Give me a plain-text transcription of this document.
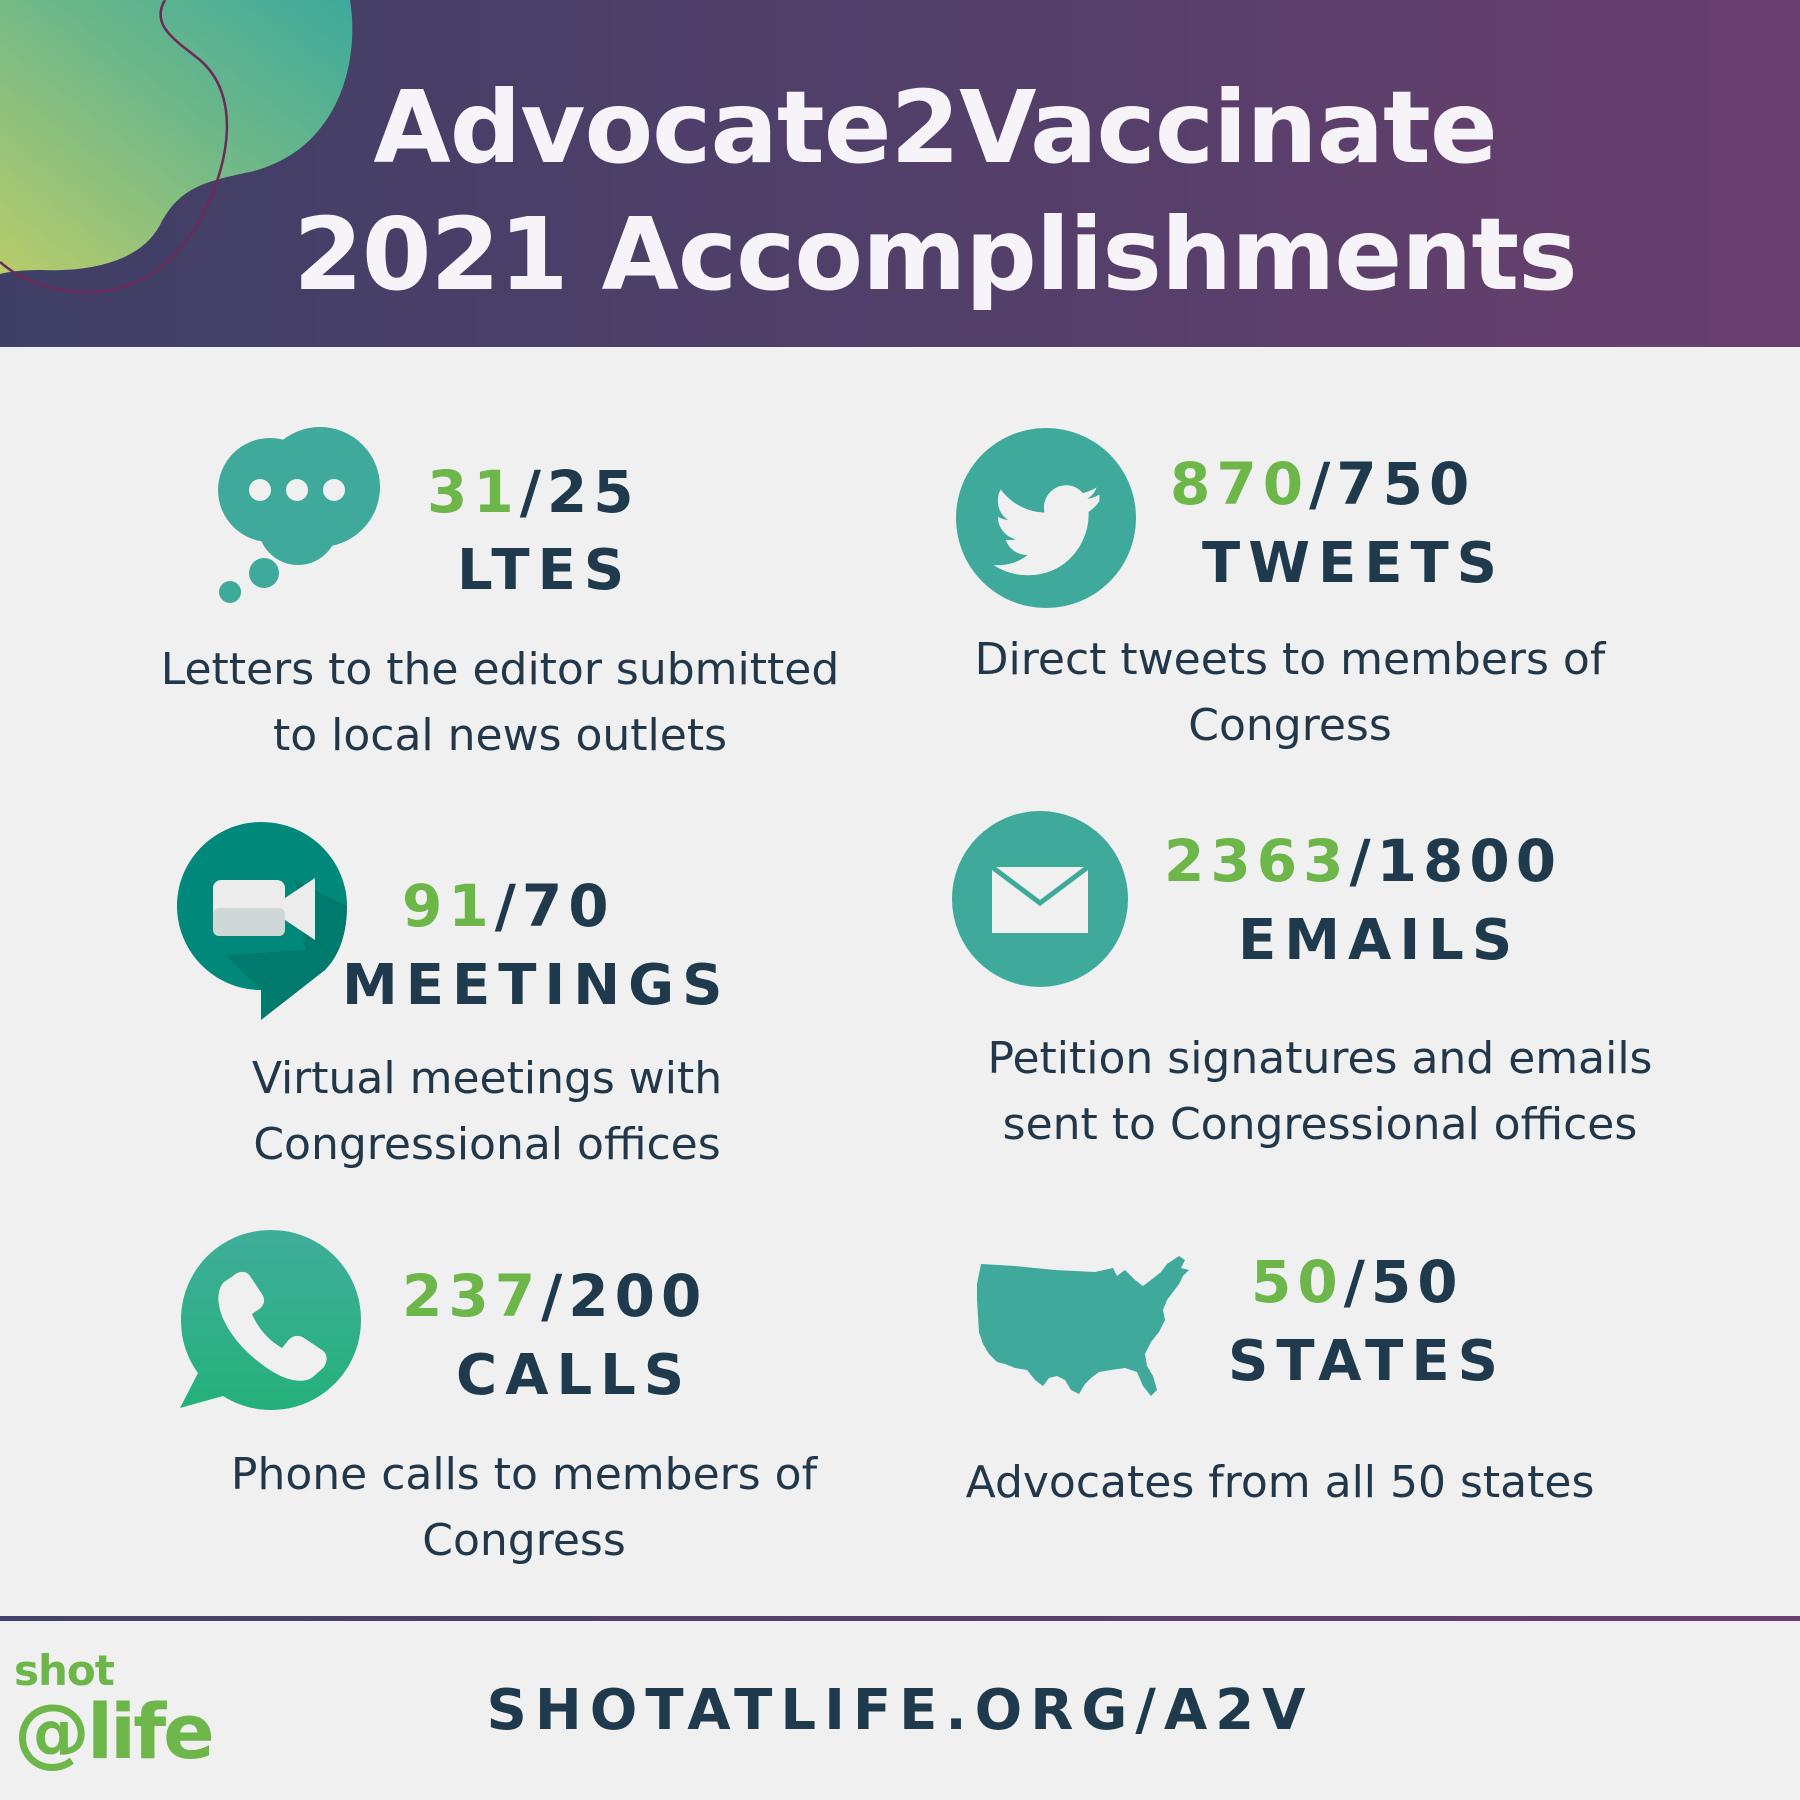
Advocate2Vaccinate
2021 Accomplishments
31/25
LTES
Letters to the editor submitted
to local news outlets
870/750
TWEETS
Direct tweets to members of
Congress
91/70
MEETINGS
Virtual meetings with
Congressional offices
2363/1800
EMAILS
Petition signatures and emails
sent to Congressional offices
237/200
CALLS
Phone calls to members of
Congress
50/50
STATES
Advocates from all 50 states
shot
@life	SHOTATLIFE.ORG/A2V
